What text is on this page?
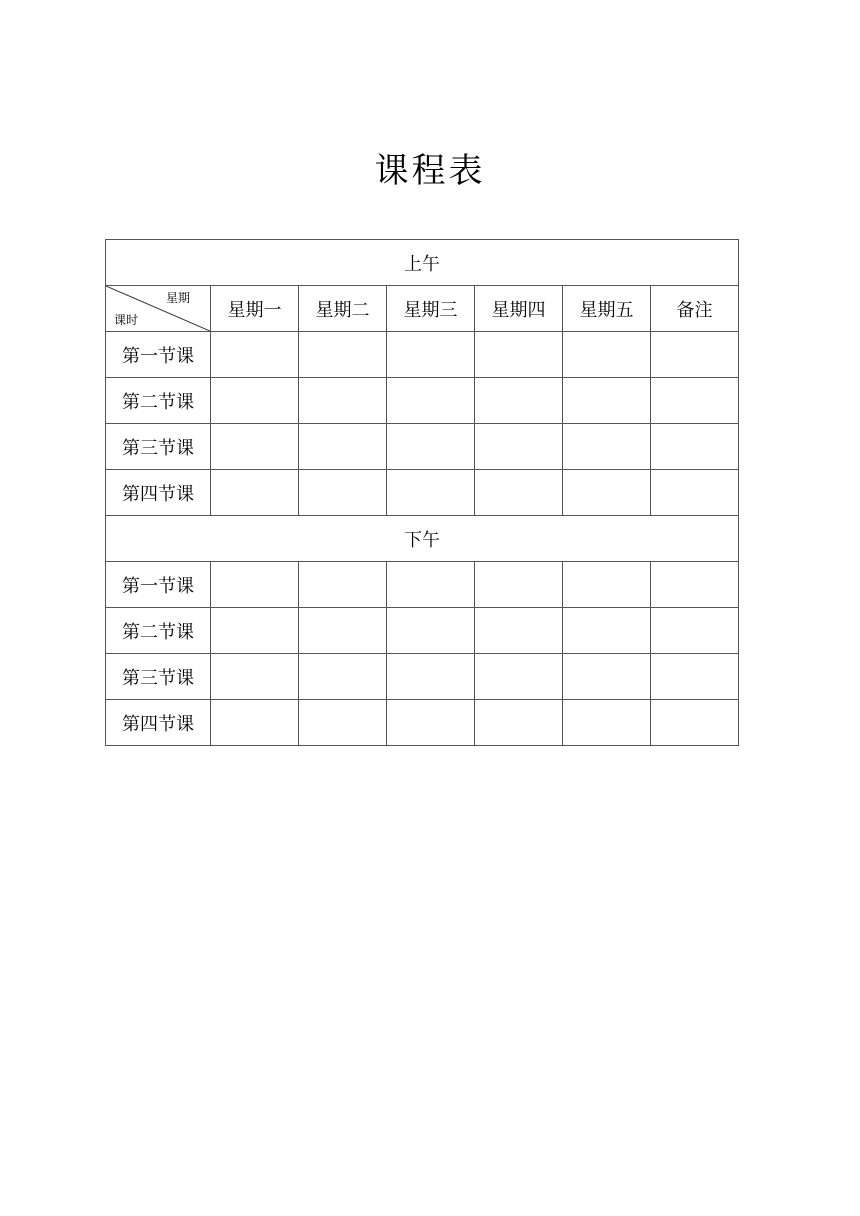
课程表
上午						

星期
课时	星期一	星期二	星期三	星期四	星期五	备注
第一节课						
第二节课						
第三节课						
第四节课						
下午						
第一节课						
第二节课						
第三节课						
第四节课						
